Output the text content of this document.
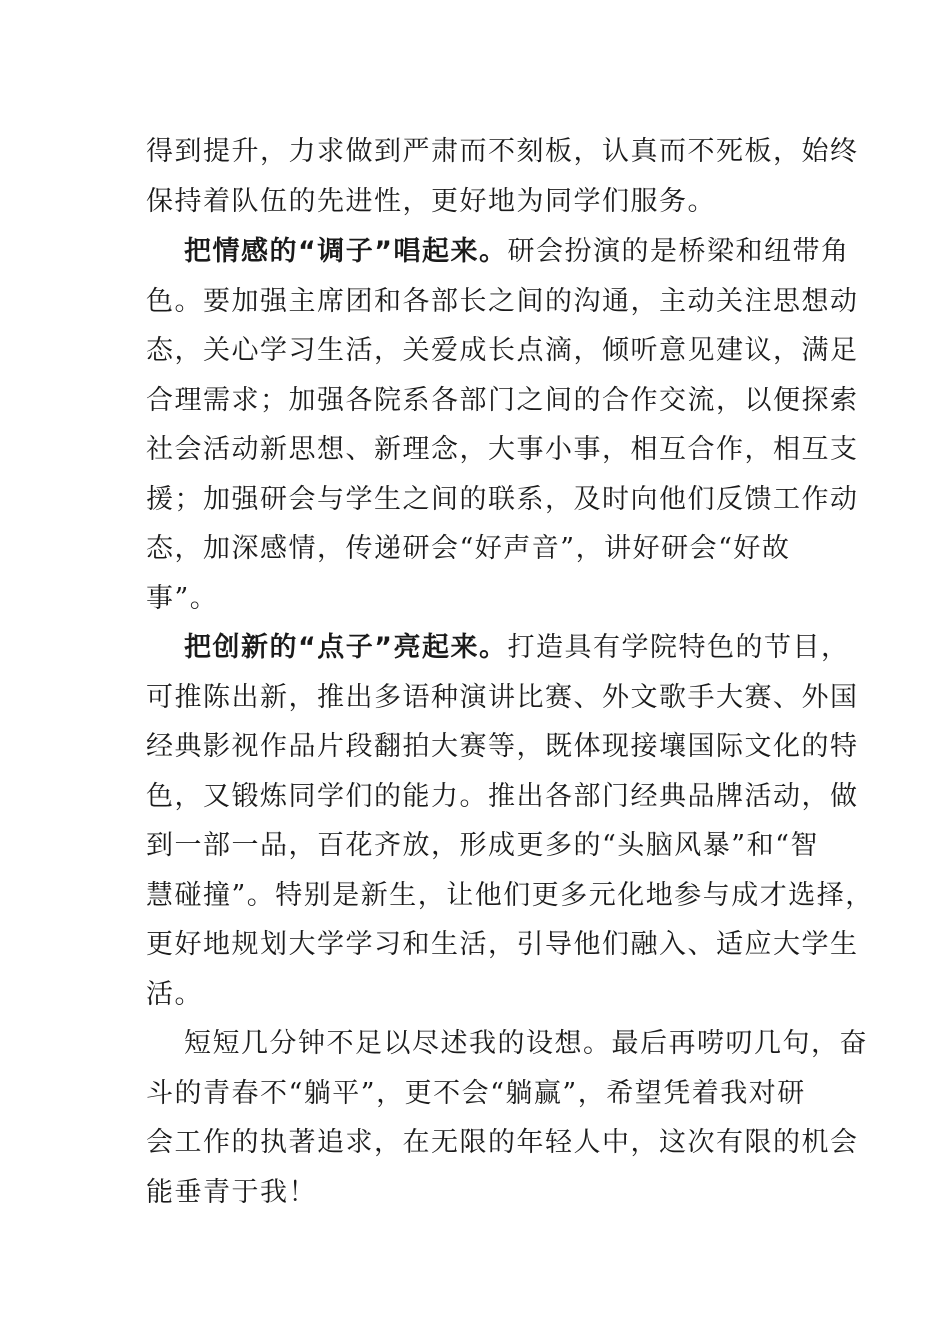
得到提升，力求做到严肃而不刻板，认真而不死板，始终
保持着队伍的先进性，更好地为同学们服务。
把情感的“调子”唱起来。研会扮演的是桥梁和纽带角
色。要加强主席团和各部长之间的沟通，主动关注思想动
态，关心学习生活，关爱成长点滴，倾听意见建议，满足
合理需求；加强各院系各部门之间的合作交流，以便探索
社会活动新思想、新理念，大事小事，相互合作，相互支
援；加强研会与学生之间的联系，及时向他们反馈工作动
态，加深感情，传递研会“好声音”，讲好研会“好故
事”。
把创新的“点子”亮起来。打造具有学院特色的节目，
可推陈出新，推出多语种演讲比赛、外文歌手大赛、外国
经典影视作品片段翻拍大赛等，既体现接壤国际文化的特
色，又锻炼同学们的能力。推出各部门经典品牌活动，做
到一部一品，百花齐放，形成更多的“头脑风暴”和“智
慧碰撞”。特别是新生，让他们更多元化地参与成才选择，
更好地规划大学学习和生活，引导他们融入、适应大学生
活。
短短几分钟不足以尽述我的设想。最后再唠叨几句，奋
斗的青春不“躺平”，更不会“躺赢”，希望凭着我对研
会工作的执著追求，在无限的年轻人中，这次有限的机会
能垂青于我！
